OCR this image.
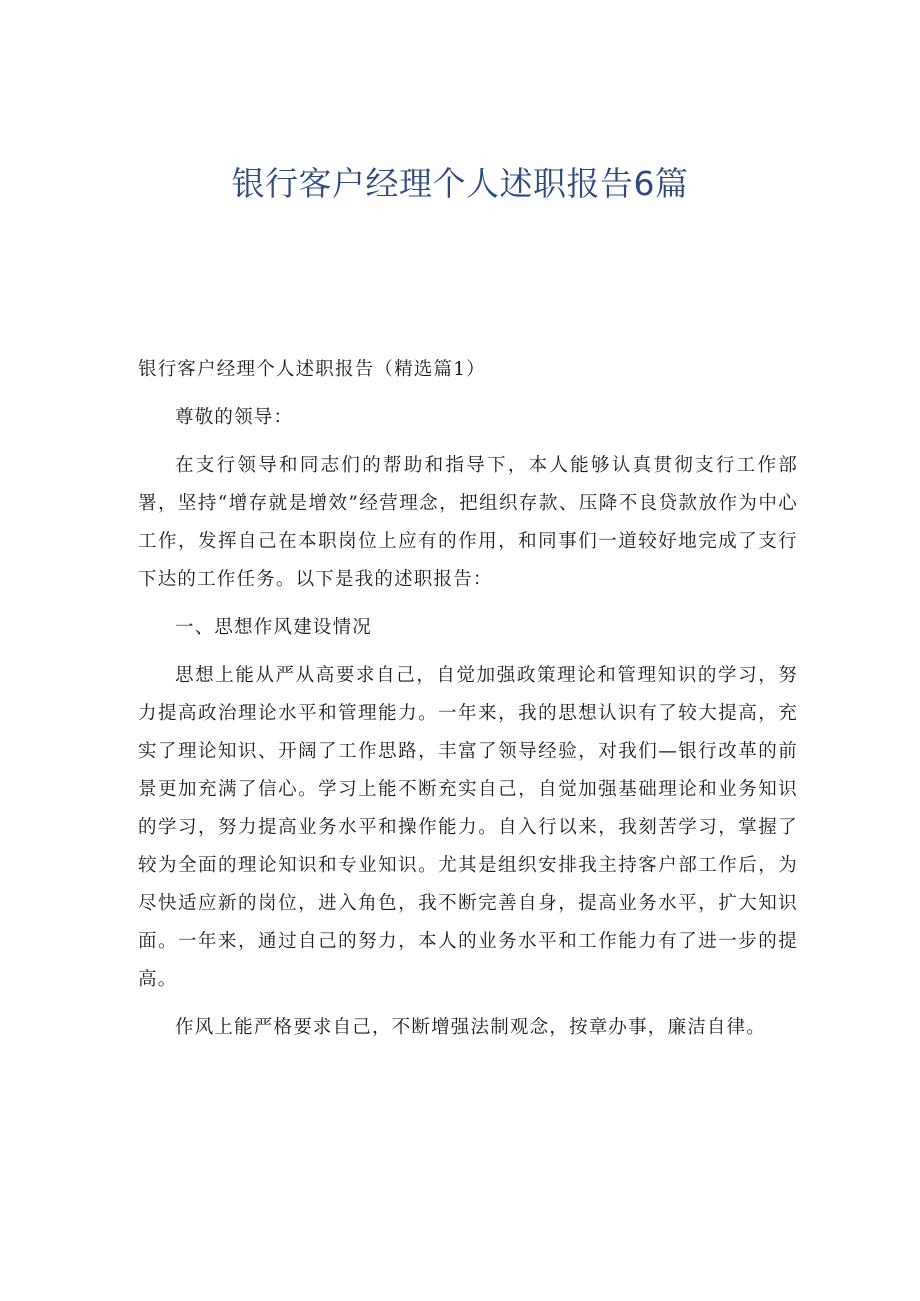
银行客户经理个人述职报告6篇

银行客户经理个人述职报告（精选篇1）

尊敬的领导：

在支行领导和同志们的帮助和指导下，本人能够认真贯彻支行工作部署，坚持“增存就是增效”经营理念，把组织存款、压降不良贷款放作为中心工作，发挥自己在本职岗位上应有的作用，和同事们一道较好地完成了支行下达的工作任务。以下是我的述职报告：

一、思想作风建设情况

思想上能从严从高要求自己，自觉加强政策理论和管理知识的学习，努力提高政治理论水平和管理能力。一年来，我的思想认识有了较大提高，充实了理论知识、开阔了工作思路，丰富了领导经验，对我们—银行改革的前景更加充满了信心。学习上能不断充实自己，自觉加强基础理论和业务知识的学习，努力提高业务水平和操作能力。自入行以来，我刻苦学习，掌握了较为全面的理论知识和专业知识。尤其是组织安排我主持客户部工作后，为尽快适应新的岗位，进入角色，我不断完善自身，提高业务水平，扩大知识面。一年来，通过自己的努力，本人的业务水平和工作能力有了进一步的提高。

作风上能严格要求自己，不断增强法制观念，按章办事，廉洁自律。
